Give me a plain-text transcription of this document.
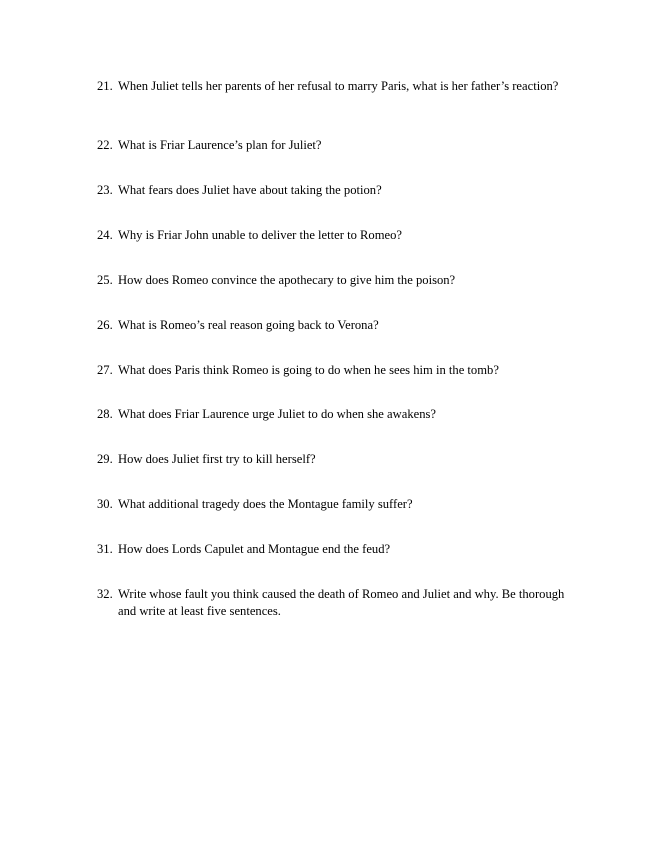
21. When Juliet tells her parents of her refusal to marry Paris, what is her father’s reaction?
22. What is Friar Laurence’s plan for Juliet?
23. What fears does Juliet have about taking the potion?
24. Why is Friar John unable to deliver the letter to Romeo?
25. How does Romeo convince the apothecary to give him the poison?
26. What is Romeo’s real reason going back to Verona?
27. What does Paris think Romeo is going to do when he sees him in the tomb?
28. What does Friar Laurence urge Juliet to do when she awakens?
29. How does Juliet first try to kill herself?
30. What additional tragedy does the Montague family suffer?
31. How does Lords Capulet and Montague end the feud?
32. Write whose fault you think caused the death of Romeo and Juliet and why. Be thorough
and write at least five sentences.
